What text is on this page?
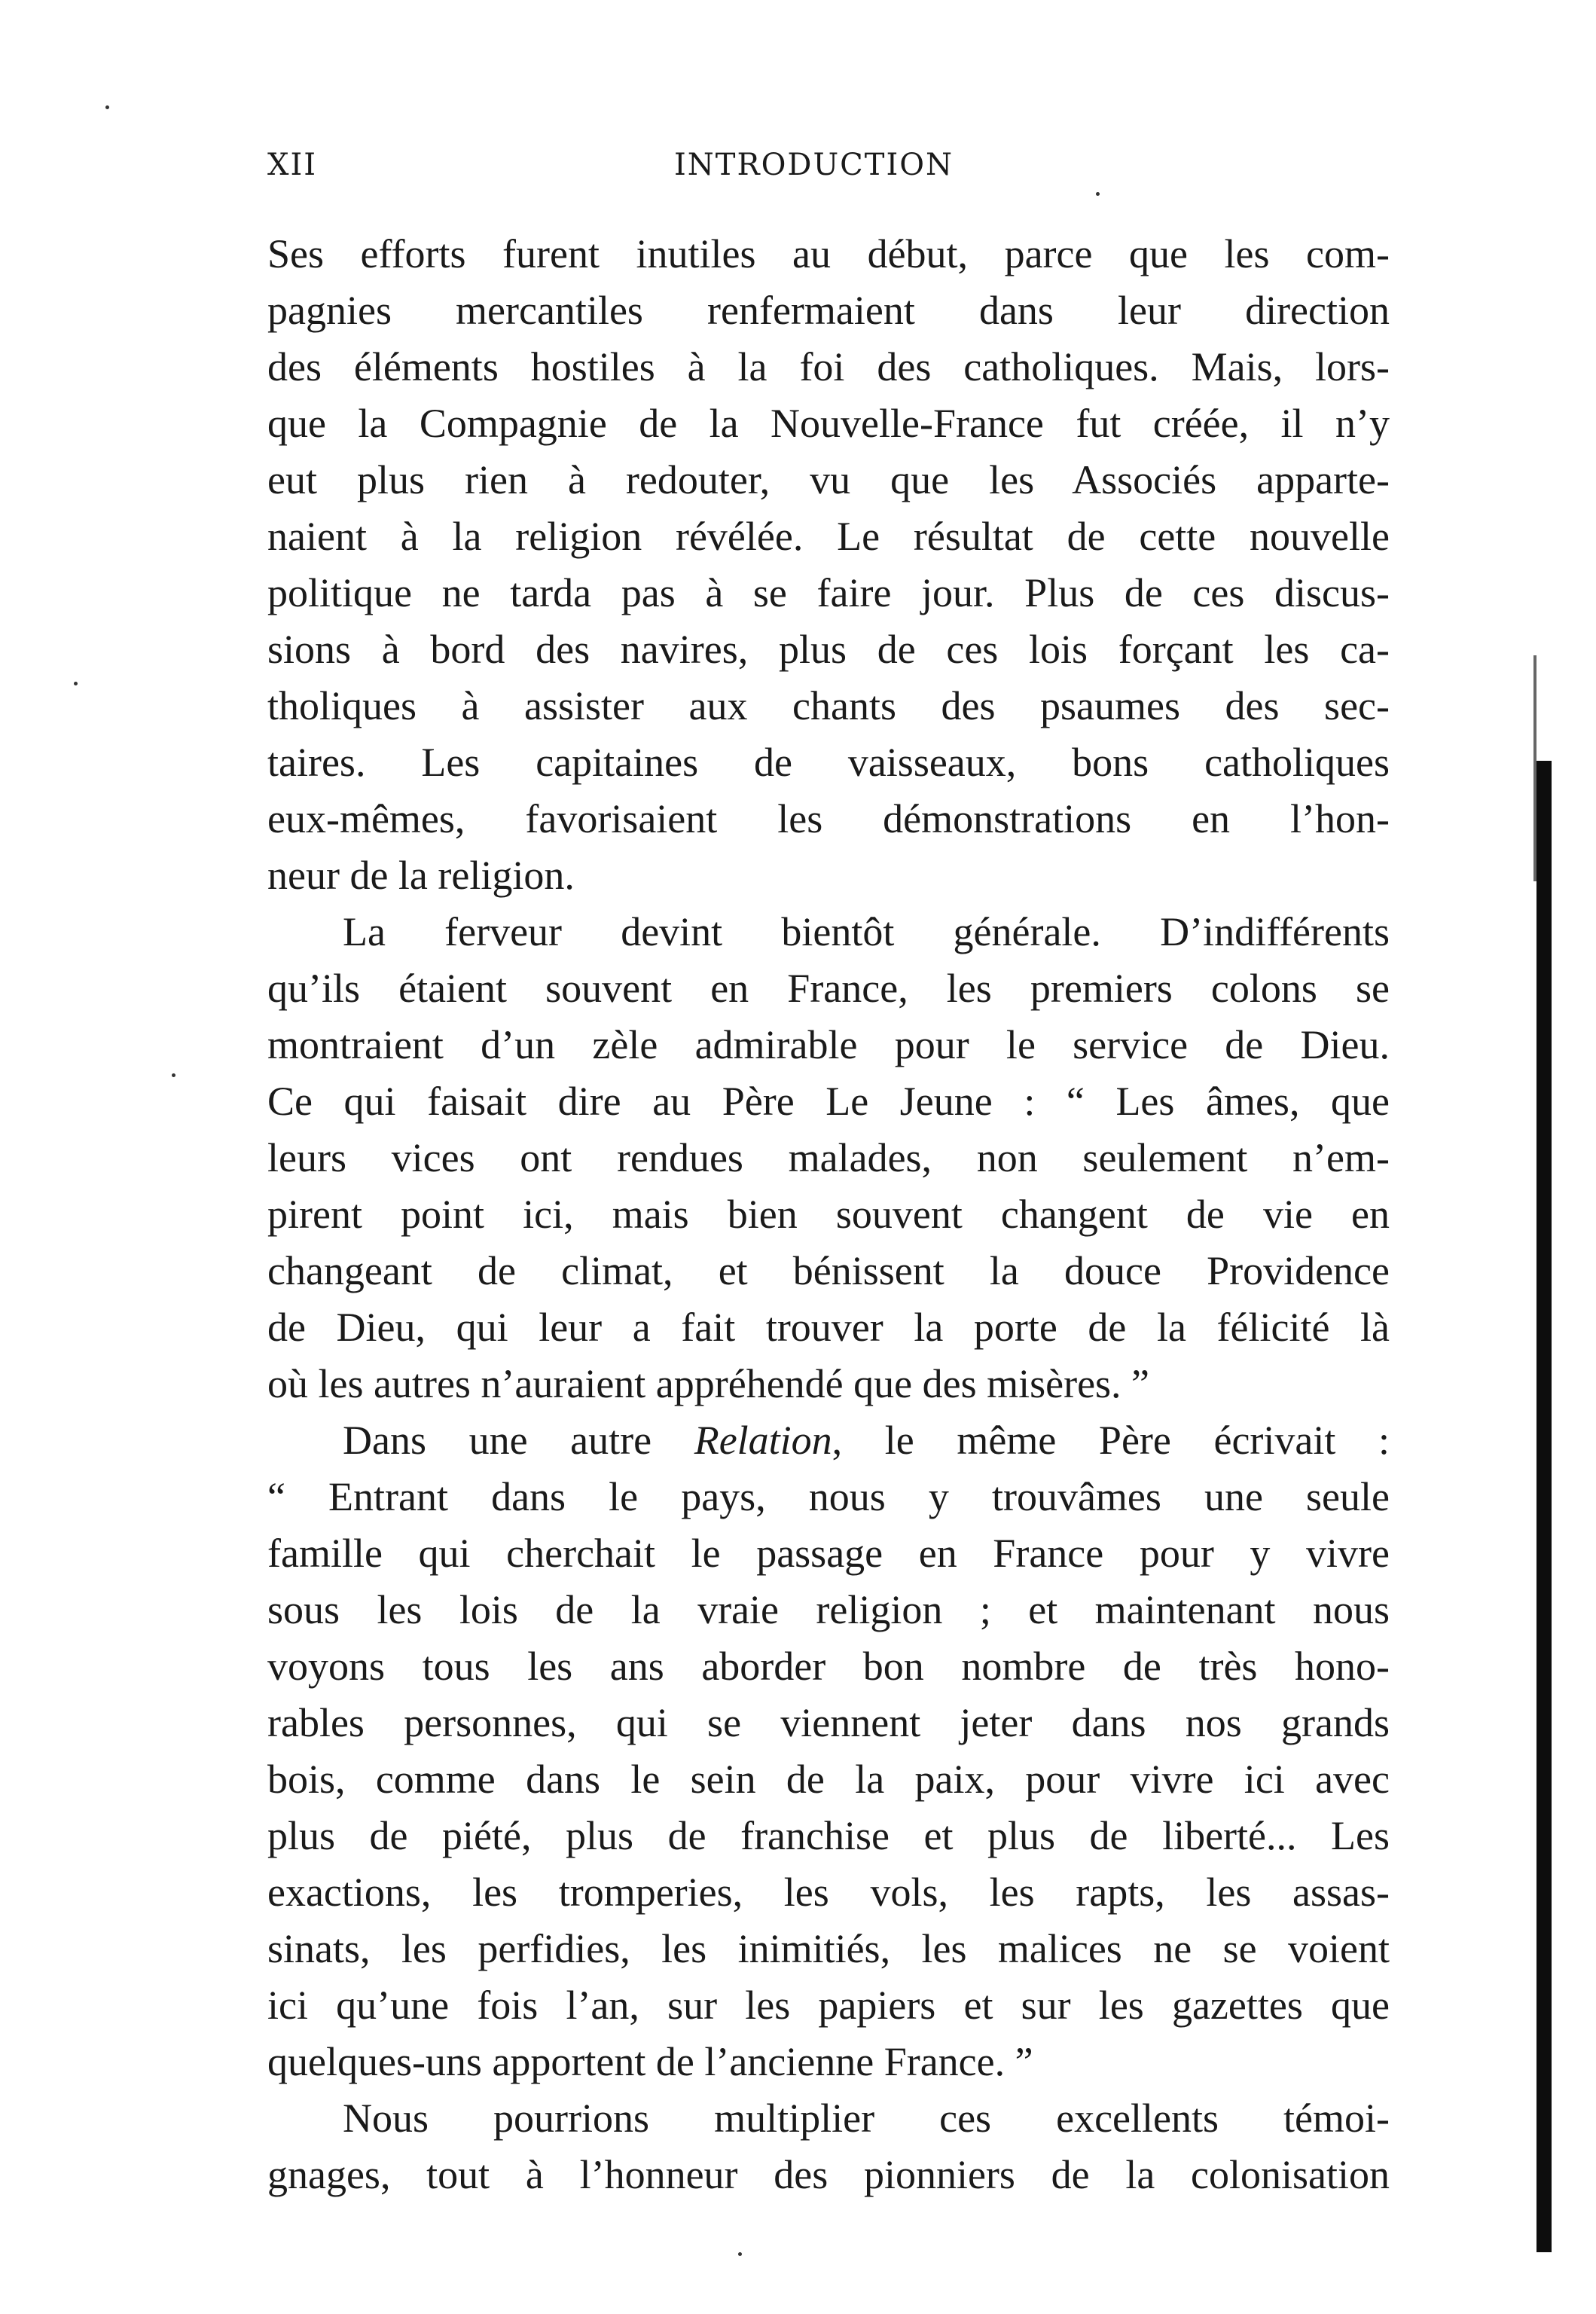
XII	INTRODUCTION
Ses efforts furent inutiles au début, parce que les com-
pagnies mercantiles renfermaient dans leur direction
des éléments hostiles à la foi des catholiques. Mais, lors-
que la Compagnie de la Nouvelle-France fut créée, il n’y
eut plus rien à redouter, vu que les Associés apparte-
naient à la religion révélée. Le résultat de cette nouvelle
politique ne tarda pas à se faire jour. Plus de ces discus-
sions à bord des navires, plus de ces lois forçant les ca-
tholiques à assister aux chants des psaumes des sec-
taires. Les capitaines de vaisseaux, bons catholiques
eux-mêmes, favorisaient les démonstrations en l’hon-
neur de la religion.
La ferveur devint bientôt générale. D’indifférents
qu’ils étaient souvent en France, les premiers colons se
montraient d’un zèle admirable pour le service de Dieu.
Ce qui faisait dire au Père Le Jeune : “ Les âmes, que
leurs vices ont rendues malades, non seulement n’em-
pirent point ici, mais bien souvent changent de vie en
changeant de climat, et bénissent la douce Providence
de Dieu, qui leur a fait trouver la porte de la félicité là
où les autres n’auraient appréhendé que des misères. ”
Dans une autre Relation, le même Père écrivait :
“ Entrant dans le pays, nous y trouvâmes une seule
famille qui cherchait le passage en France pour y vivre
sous les lois de la vraie religion ; et maintenant nous
voyons tous les ans aborder bon nombre de très hono-
rables personnes, qui se viennent jeter dans nos grands
bois, comme dans le sein de la paix, pour vivre ici avec
plus de piété, plus de franchise et plus de liberté... Les
exactions, les tromperies, les vols, les rapts, les assas-
sinats, les perfidies, les inimitiés, les malices ne se voient
ici qu’une fois l’an, sur les papiers et sur les gazettes que
quelques-uns apportent de l’ancienne France. ”
Nous pourrions multiplier ces excellents témoi-
gnages, tout à l’honneur des pionniers de la colonisation
